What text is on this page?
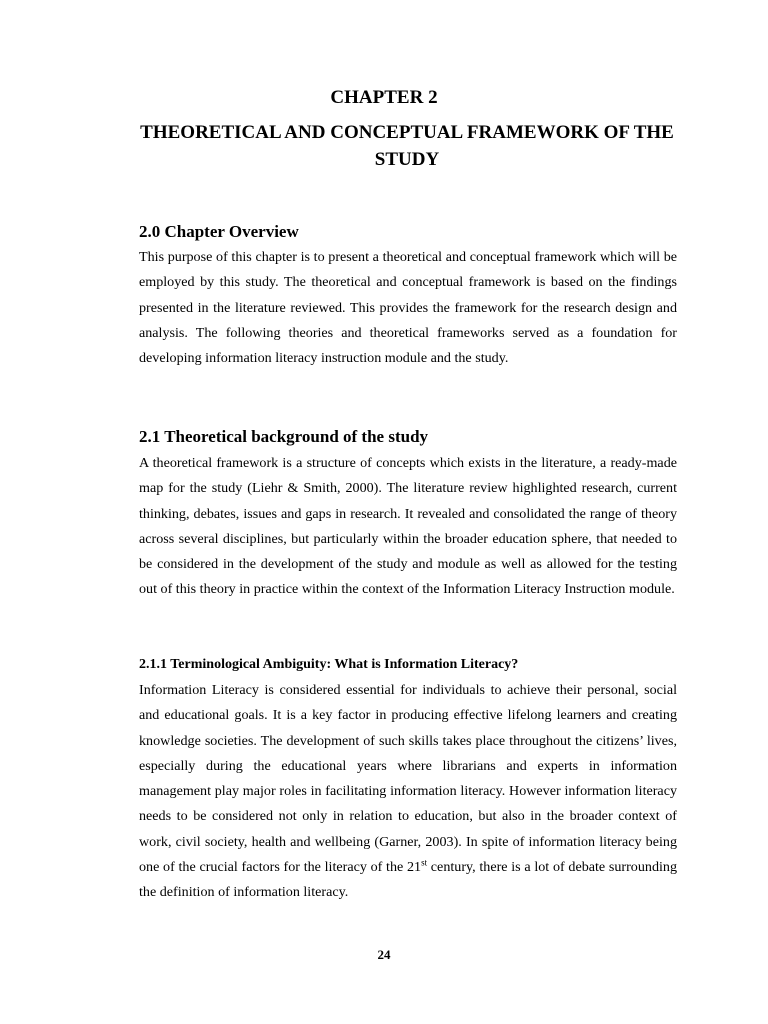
CHAPTER 2
THEORETICAL AND CONCEPTUAL FRAMEWORK OF THE STUDY
2.0 Chapter Overview

This purpose of this chapter is to present a theoretical and conceptual framework which will be employed by this study. The theoretical and conceptual framework is based on the findings presented in the literature reviewed. This provides the framework for the research design and analysis. The following theories and theoretical frameworks served as a foundation for developing information literacy instruction module and the study.

2.1 Theoretical background of the study

A theoretical framework is a structure of concepts which exists in the literature, a ready-made map for the study (Liehr & Smith, 2000). The literature review highlighted research, current thinking, debates, issues and gaps in research. It revealed and consolidated the range of theory across several disciplines, but particularly within the broader education sphere, that needed to be considered in the development of the study and module as well as allowed for the testing out of this theory in practice within the context of the Information Literacy Instruction module.

2.1.1 Terminological Ambiguity: What is Information Literacy?

Information Literacy is considered essential for individuals to achieve their personal, social and educational goals. It is a key factor in producing effective lifelong learners and creating knowledge societies. The development of such skills takes place throughout the citizens’ lives, especially during the educational years where librarians and experts in information management play major roles in facilitating information literacy. However information literacy needs to be considered not only in relation to education, but also in the broader context of work, civil society, health and wellbeing (Garner, 2003). In spite of information literacy being one of the crucial factors for the literacy of the 21st century, there is a lot of debate surrounding the definition of information literacy.

24
